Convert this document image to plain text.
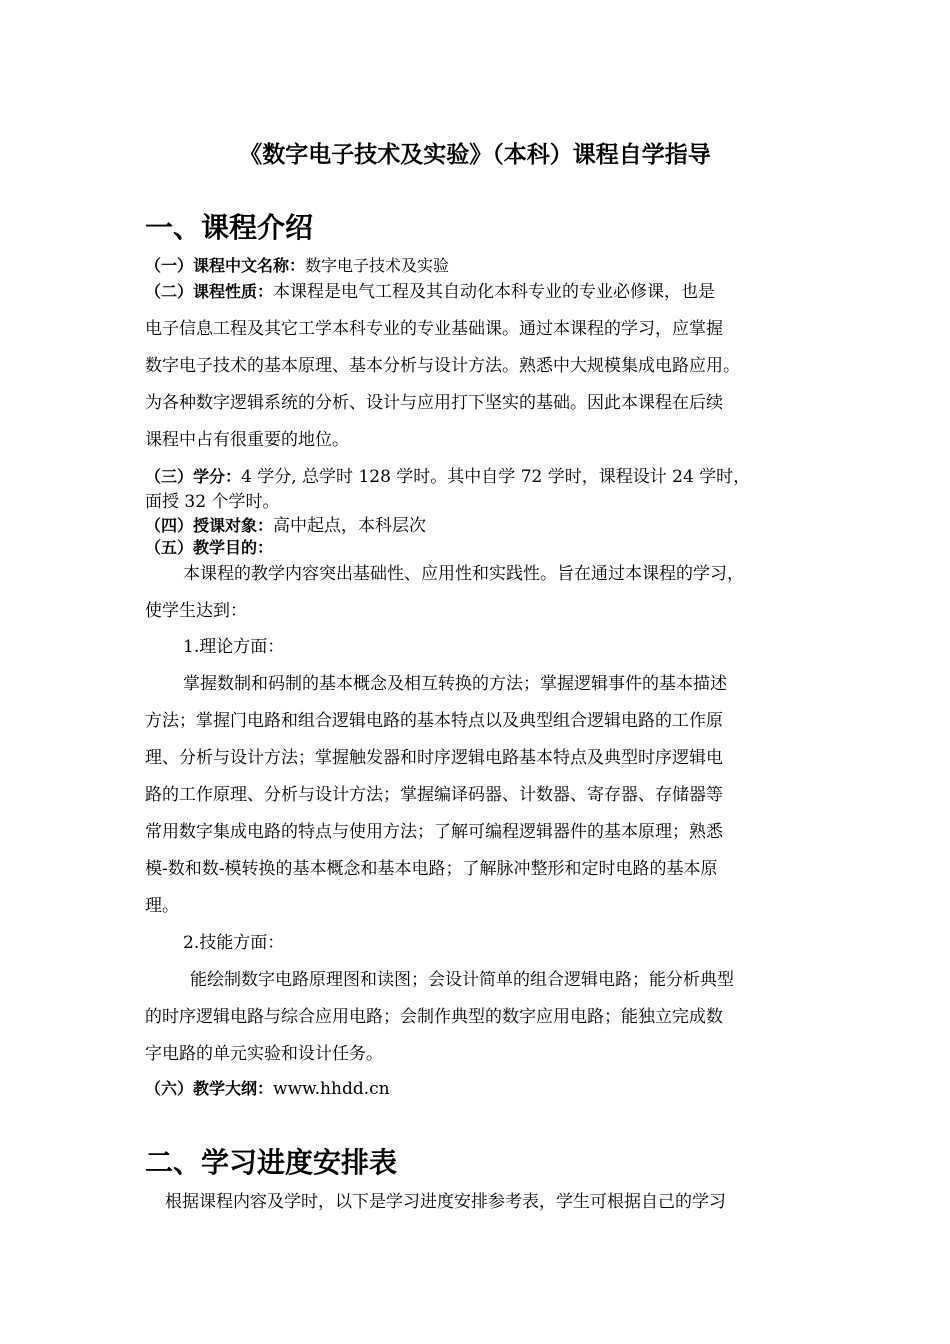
《数字电子技术及实验》（本科）课程自学指导
一、课程介绍
（一）课程中文名称：数字电子技术及实验
（二）课程性质：本课程是电气工程及其自动化本科专业的专业必修课，也是
电子信息工程及其它工学本科专业的专业基础课。通过本课程的学习，应掌握
数字电子技术的基本原理、基本分析与设计方法。熟悉中大规模集成电路应用。
为各种数字逻辑系统的分析、设计与应用打下坚实的基础。因此本课程在后续
课程中占有很重要的地位。
（三）学分：4 学分, 总学时 128 学时。其中自学 72 学时，课程设计 24 学时，
面授 32 个学时。
（四）授课对象：高中起点，本科层次
（五）教学目的：
本课程的教学内容突出基础性、应用性和实践性。旨在通过本课程的学习，
使学生达到：
1.理论方面：
掌握数制和码制的基本概念及相互转换的方法；掌握逻辑事件的基本描述
方法；掌握门电路和组合逻辑电路的基本特点以及典型组合逻辑电路的工作原
理、分析与设计方法；掌握触发器和时序逻辑电路基本特点及典型时序逻辑电
路的工作原理、分析与设计方法；掌握编译码器、计数器、寄存器、存储器等
常用数字集成电路的特点与使用方法；了解可编程逻辑器件的基本原理；熟悉
模-数和数-模转换的基本概念和基本电路；了解脉冲整形和定时电路的基本原
理。
2.技能方面：
能绘制数字电路原理图和读图；会设计简单的组合逻辑电路；能分析典型
的时序逻辑电路与综合应用电路；会制作典型的数字应用电路；能独立完成数
字电路的单元实验和设计任务。
（六）教学大纲：www.hhdd.cn
二、学习进度安排表
根据课程内容及学时，以下是学习进度安排参考表，学生可根据自己的学习
